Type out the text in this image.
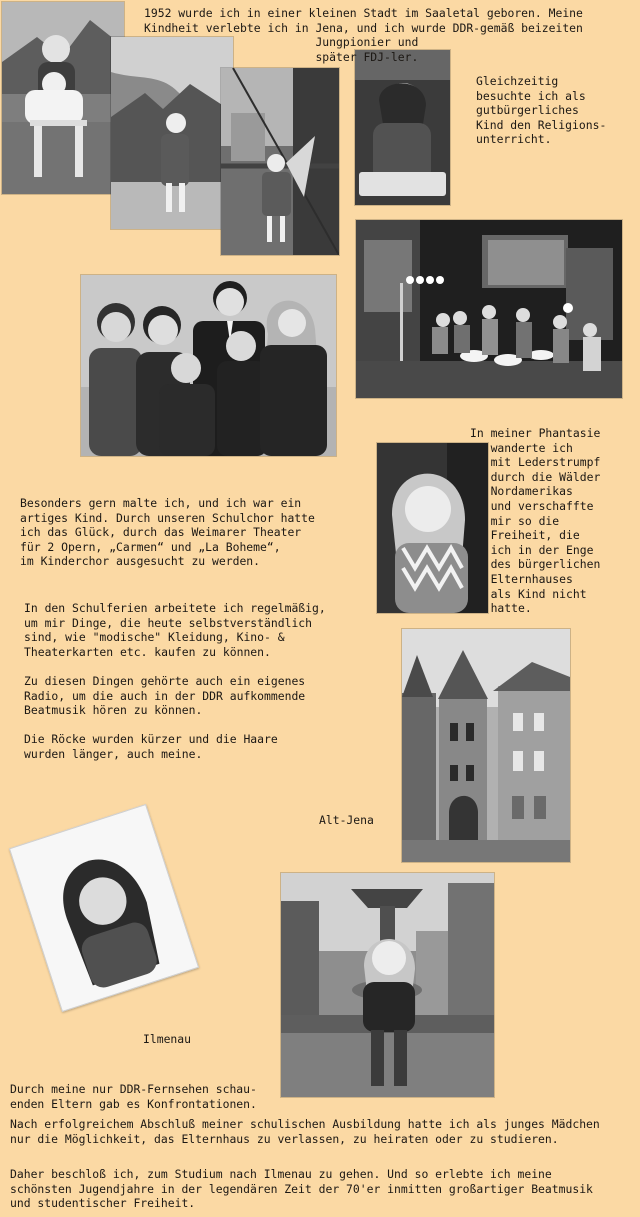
1952 wurde ich in einer kleinen Stadt im Saaletal geboren. Meine
Kindheit verlebte ich in Jena, und ich wurde DDR-gemäß beizeiten
Jungpionier und
später FDJ-ler.

Gleichzeitig
besuchte ich als
gutbürgerliches
Kind den Religions-
unterricht.

In meiner Phantasie
wanderte ich
mit Lederstrumpf
durch die Wälder
Nordamerikas
und verschaffte
mir so die
Freiheit, die
ich in der Enge
des bürgerlichen
Elternhauses
als Kind nicht
hatte.

Besonders gern malte ich, und ich war ein
artiges Kind. Durch unseren Schulchor hatte
ich das Glück, durch das Weimarer Theater
für 2 Opern, „Carmen“ und „La Boheme“,
im Kinderchor ausgesucht zu werden.

In den Schulferien arbeitete ich regelmäßig,
um mir Dinge, die heute selbstverständlich
sind, wie "modische" Kleidung, Kino- &
Theaterkarten etc. kaufen zu können.

Zu diesen Dingen gehörte auch ein eigenes
Radio, um die auch in der DDR aufkommende
Beatmusik hören zu können.

Die Röcke wurden kürzer und die Haare
wurden länger, auch meine.

Alt-Jena

Ilmenau

Durch meine nur DDR-Fernsehen schau-
enden Eltern gab es Konfrontationen.

Nach erfolgreichem Abschluß meiner schulischen Ausbildung hatte ich als junges Mädchen
nur die Möglichkeit, das Elternhaus zu verlassen, zu heiraten oder zu studieren.

Daher beschloß ich, zum Studium nach Ilmenau zu gehen. Und so erlebte ich meine
schönsten Jugendjahre in der legendären Zeit der 70'er inmitten großartiger Beatmusik
und studentischer Freiheit.
